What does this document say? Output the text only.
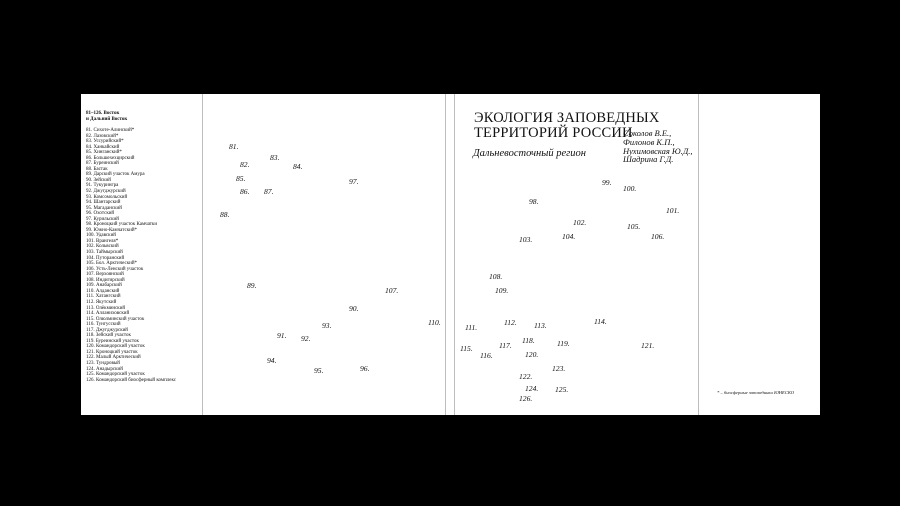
81–126. Восток
и Дальний Восток
81. Сихоте-Алинский*
82. Лазовский*
83. Уссурийский*
84. Ханкайский
85. Хинганский*
86. Большехехцирский
87. Буреинский
88. Бастак
89. Дарский участок Амура
90. Зейский
91. Тукурингра
92. Джугджурский
93. Комсомольский
94. Шантарский
95. Магаданский
96. Охотский
97. Курильский
98. Кроноцкий участок Камчатки
99. Южно-Камчатский*
100. Удавский
101. Врангеля*
102. Кольвский
103. Таймырский
104. Путоранский
105. Бол. Арктический*
106. Усть-Ленский участок
107. Верхоянский
108. Индигирский
109. Анабарский
110. Алданский
111. Хатангский
112. Якутский
113. Олёкминский
114. Алланиховский
115. Олюлминский участок
116. Тунгусский
117. Джугджурский
118. Зейский участок
119. Буреинский участок
120. Командорский участок
121. Кроноцкий участок
122. Малый Арктический
123. Тундровый
124. Анадырский
125. Командорский участок
126. Командорский биосферный комплекс
81.
82.
83.
84.
85.
86. 87.
88.
89.
90.
91. 92.
93.
94.
95.	96.
97.
98.
99.
100.
101.
102.
103.	104.
105.
106.
107.
108.
109.
110.
111.
112. 113.	114.
115.
116.
117.
118.	119.
120.
121.
122.
123.
124. 125.
126.
ЭКОЛОГИЯ ЗАПОВЕДНЫХ
ТЕРРИТОРИЙ РОССИИ
Дальневосточный регион
Соколов В.Е.,
Филонов К.П.,
Нухимовская Ю.Д.,
Шадрина Г.Д.
* – биосферные заповедники ЮНЕСКО
